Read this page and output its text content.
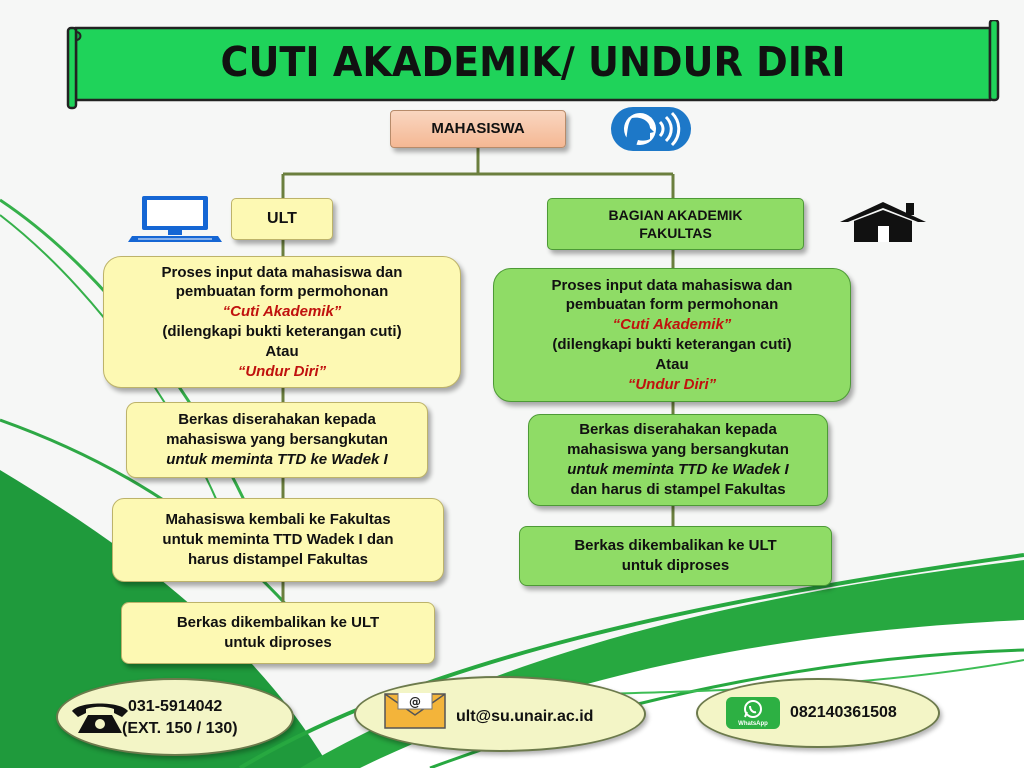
CUTI AKADEMIK/ UNDUR DIRI
MAHASISWA
ULT
Proses input data mahasiswa dan
pembuatan form permohonan
“Cuti Akademik”
(dilengkapi bukti keterangan cuti)
Atau
“Undur Diri”
Berkas diserahakan kepada
mahasiswa yang bersangkutan
untuk meminta TTD ke Wadek I
Mahasiswa kembali ke Fakultas
untuk meminta TTD Wadek I dan
harus distampel Fakultas
Berkas dikembalikan ke ULT
untuk diproses
BAGIAN AKADEMIK
FAKULTAS
Proses input data mahasiswa dan
pembuatan form permohonan
“Cuti Akademik”
(dilengkapi bukti keterangan cuti)
Atau
“Undur Diri”
Berkas diserahakan kepada
mahasiswa yang bersangkutan
untuk meminta TTD ke Wadek I
dan harus di stampel Fakultas
Berkas dikembalikan ke ULT
untuk diproses
031-5914042
(EXT. 150 / 130)
@
ult@su.unair.ac.id	WhatsApp
082140361508
